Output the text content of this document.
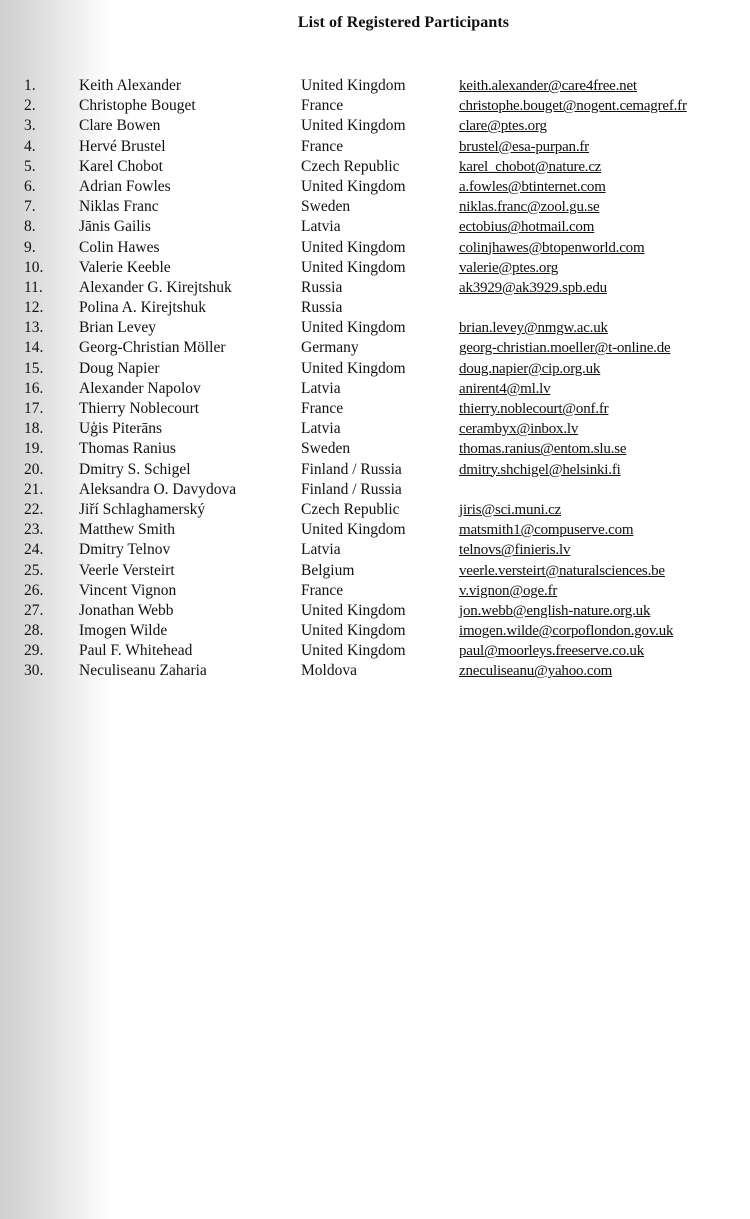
List of Registered Participants
1.	Keith Alexander	United Kingdom	keith.alexander@care4free.net
2.	Christophe Bouget	France	christophe.bouget@nogent.cemagref.fr
3.	Clare Bowen	United Kingdom	clare@ptes.org
4.	Hervé Brustel	France	brustel@esa-purpan.fr
5.	Karel Chobot	Czech Republic	karel_chobot@nature.cz
6.	Adrian Fowles	United Kingdom	a.fowles@btinternet.com
7.	Niklas Franc	Sweden	niklas.franc@zool.gu.se
8.	Jānis Gailis	Latvia	ectobius@hotmail.com
9.	Colin Hawes	United Kingdom	colinjhawes@btopenworld.com
10. Valerie Keeble	United Kingdom	valerie@ptes.org
11. Alexander G. Kirejtshuk	Russia	ak3929@ak3929.spb.edu
12. Polina A. Kirejtshuk	Russia
13. Brian Levey	United Kingdom	brian.levey@nmgw.ac.uk
14. Georg-Christian Möller	Germany	georg-christian.moeller@t-online.de
15. Doug Napier	United Kingdom	doug.napier@cip.org.uk
16. Alexander Napolov	Latvia	anirent4@ml.lv
17. Thierry Noblecourt	France	thierry.noblecourt@onf.fr
18. Uģis Piterāns	Latvia	cerambyx@inbox.lv
19. Thomas Ranius	Sweden	thomas.ranius@entom.slu.se
20. Dmitry S. Schigel	Finland / Russia	dmitry.shchigel@helsinki.fi
21. Aleksandra O. Davydova	Finland / Russia
22. Jiří Schlaghamerský	Czech Republic	jiris@sci.muni.cz
23. Matthew Smith	United Kingdom	matsmith1@compuserve.com
24. Dmitry Telnov	Latvia	telnovs@finieris.lv
25. Veerle Versteirt	Belgium	veerle.versteirt@naturalsciences.be
26. Vincent Vignon	France	v.vignon@oge.fr
27. Jonathan Webb	United Kingdom	jon.webb@english-nature.org.uk
28. Imogen Wilde	United Kingdom	imogen.wilde@corpoflondon.gov.uk
29. Paul F. Whitehead	United Kingdom	paul@moorleys.freeserve.co.uk
30. Neculiseanu Zaharia	Moldova	zneculiseanu@yahoo.com
